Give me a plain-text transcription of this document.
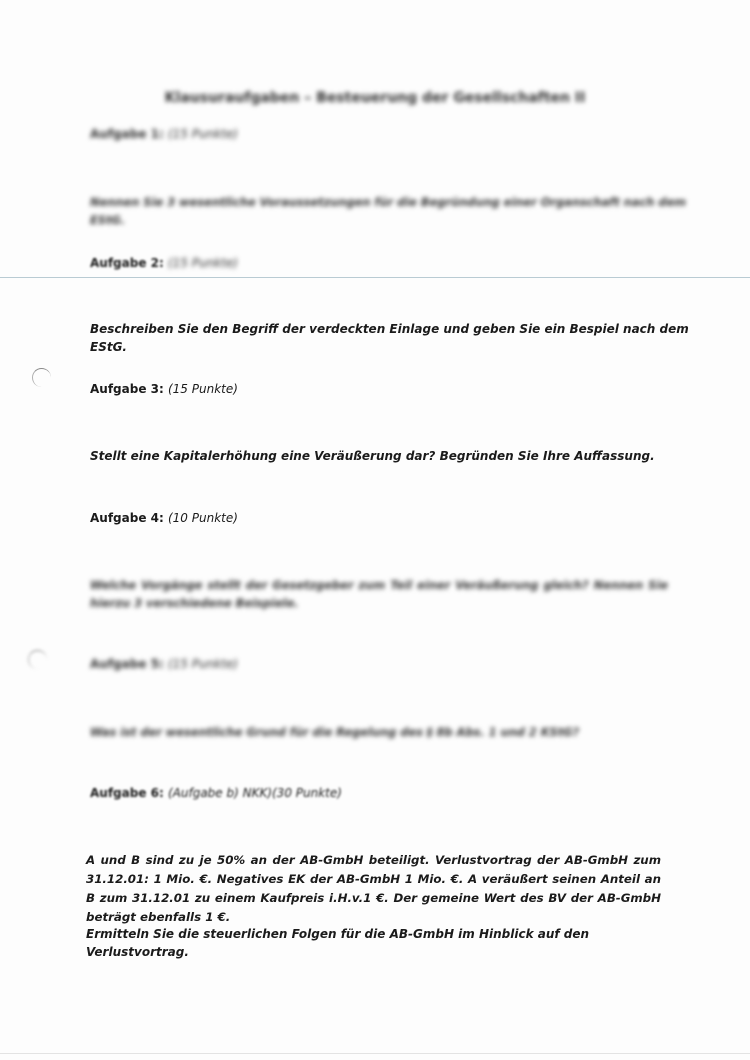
Klausuraufgaben – Besteuerung der Gesellschaften II
Aufgabe 1: (15 Punkte)
Nennen Sie 3 wesentliche Voraussetzungen für die Begründung einer Organschaft nach dem EStG.
Aufgabe 2: (15 Punkte)
Beschreiben Sie den Begriff der verdeckten Einlage und geben Sie ein Bespiel nach dem EStG.
Aufgabe 3: (15 Punkte)
Stellt eine Kapitalerhöhung eine Veräußerung dar? Begründen Sie Ihre Auffassung.
Aufgabe 4: (10 Punkte)
Welche Vorgänge stellt der Gesetzgeber zum Teil einer Veräußerung gleich? Nennen Sie hierzu 3 verschiedene Beispiele.
Aufgabe 5: (15 Punkte)
Was ist der wesentliche Grund für die Regelung des § 8b Abs. 1 und 2 KStG?
Aufgabe 6: (Aufgabe b) NKK)(30 Punkte)
A und B sind zu je 50% an der AB-GmbH beteiligt. Verlustvortrag der AB-GmbH zum 31.12.01: 1 Mio. €. Negatives EK der AB-GmbH 1 Mio. €. A veräußert seinen Anteil an B zum 31.12.01 zu einem Kaufpreis i.H.v.1 €. Der gemeine Wert des BV der AB-GmbH beträgt ebenfalls 1 €.
Ermitteln Sie die steuerlichen Folgen für die AB-GmbH im Hinblick auf den Verlustvortrag.
